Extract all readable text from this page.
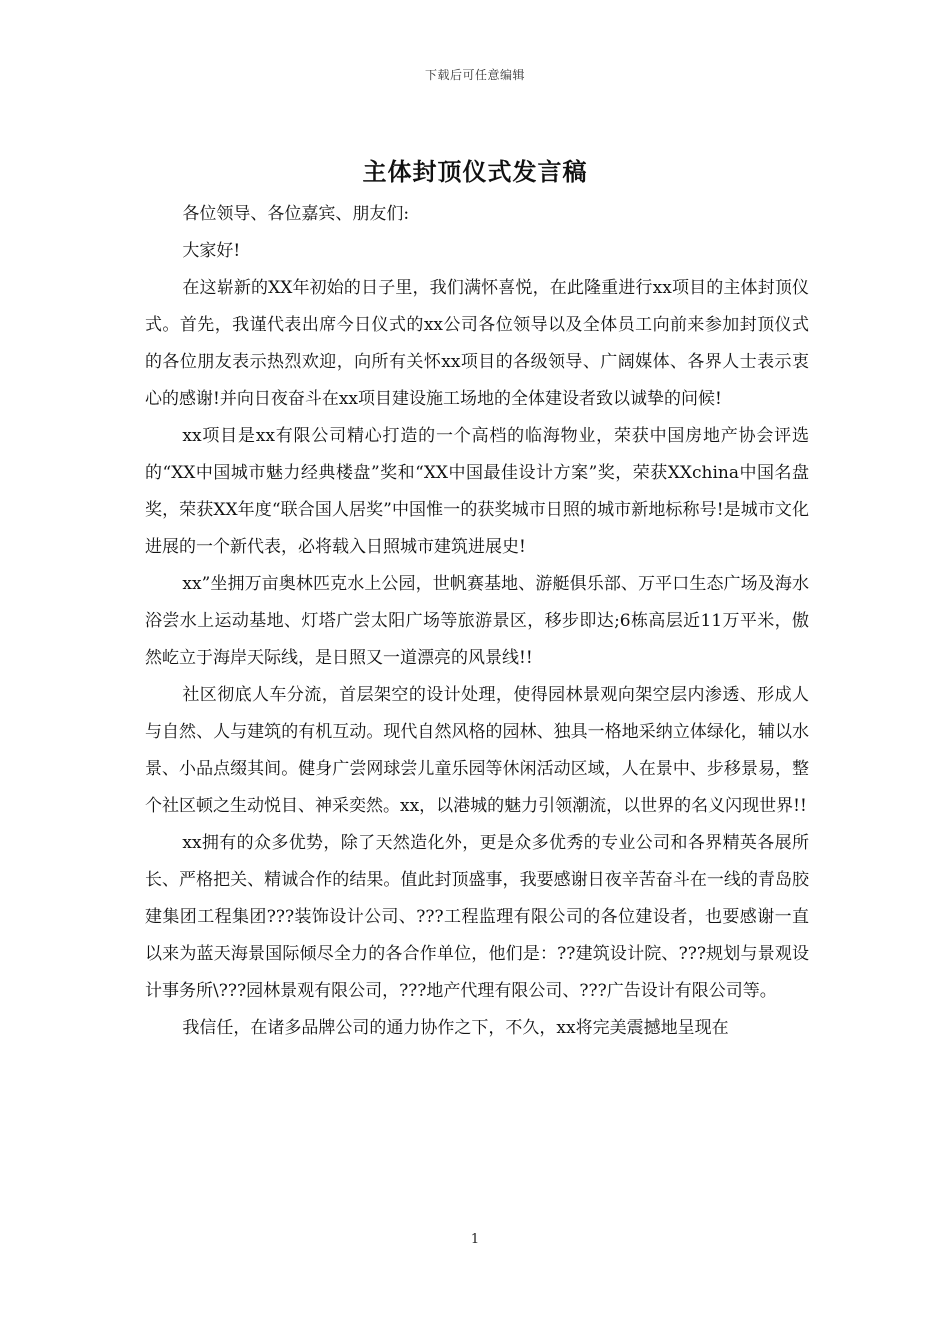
下载后可任意编辑
主体封顶仪式发言稿

各位领导、各位嘉宾、朋友们:

大家好!

在这崭新的XX年初始的日子里，我们满怀喜悦，在此隆重进行xx项目的主体封顶仪式。首先，我谨代表出席今日仪式的xx公司各位领导以及全体员工向前来参加封顶仪式的各位朋友表示热烈欢迎，向所有关怀xx项目的各级领导、广阔媒体、各界人士表示衷心的感谢!并向日夜奋斗在xx项目建设施工场地的全体建设者致以诚挚的问候!

xx项目是xx有限公司精心打造的一个高档的临海物业，荣获中国房地产协会评选的“XX中国城市魅力经典楼盘”奖和“XX中国最佳设计方案”奖，荣获XXchina中国名盘奖，荣获XX年度“联合国人居奖”中国惟一的获奖城市日照的城市新地标称号!是城市文化进展的一个新代表，必将载入日照城市建筑进展史!

xx”坐拥万亩奥林匹克水上公园，世帆赛基地、游艇俱乐部、万平口生态广场及海水浴尝水上运动基地、灯塔广尝太阳广场等旅游景区，移步即达;6栋高层近11万平米，傲然屹立于海岸天际线，是日照又一道漂亮的风景线!!

社区彻底人车分流，首层架空的设计处理，使得园林景观向架空层内渗透、形成人与自然、人与建筑的有机互动。现代自然风格的园林、独具一格地采纳立体绿化，辅以水景、小品点缀其间。健身广尝网球尝儿童乐园等休闲活动区域，人在景中、步移景易，整个社区顿之生动悦目、神采奕然。xx，以港城的魅力引领潮流，以世界的名义闪现世界!!

xx拥有的众多优势，除了天然造化外，更是众多优秀的专业公司和各界精英各展所长、严格把关、精诚合作的结果。值此封顶盛事，我要感谢日夜辛苦奋斗在一线的青岛胶建集团工程集团???装饰设计公司、???工程监理有限公司的各位建设者，也要感谢一直以来为蓝天海景国际倾尽全力的各合作单位，他们是：??建筑设计院、???规划与景观设计事务所\???园林景观有限公司，???地产代理有限公司、???广告设计有限公司等。

我信任，在诸多品牌公司的通力协作之下，不久，xx将完美震撼地呈现在

1
